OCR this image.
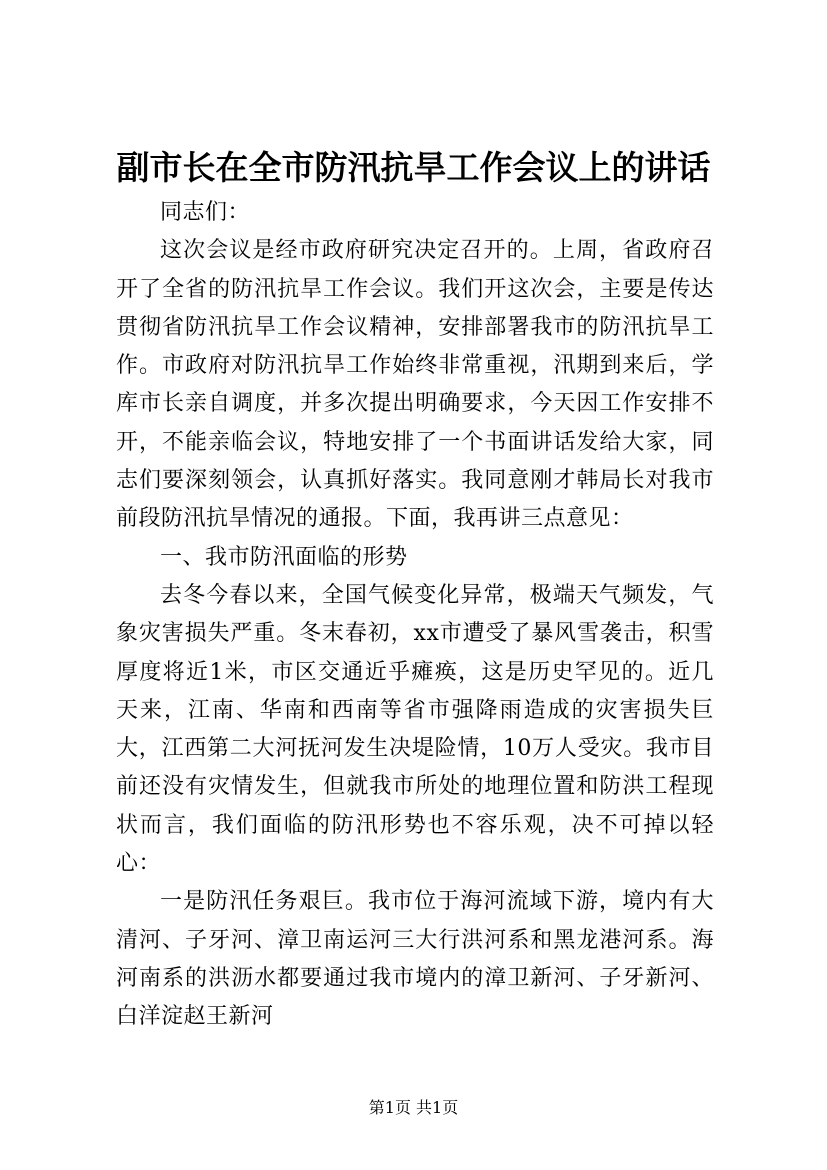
副市长在全市防汛抗旱工作会议上的讲话

同志们：

这次会议是经市政府研究决定召开的。上周，省政府召开了全省的防汛抗旱工作会议。我们开这次会，主要是传达贯彻省防汛抗旱工作会议精神，安排部署我市的防汛抗旱工作。市政府对防汛抗旱工作始终非常重视，汛期到来后，学库市长亲自调度，并多次提出明确要求，今天因工作安排不开，不能亲临会议，特地安排了一个书面讲话发给大家，同志们要深刻领会，认真抓好落实。我同意刚才韩局长对我市前段防汛抗旱情况的通报。下面，我再讲三点意见：

一、我市防汛面临的形势

去冬今春以来，全国气候变化异常，极端天气频发，气象灾害损失严重。冬末春初，xx市遭受了暴风雪袭击，积雪厚度将近1米，市区交通近乎瘫痪，这是历史罕见的。近几天来，江南、华南和西南等省市强降雨造成的灾害损失巨大，江西第二大河抚河发生决堤险情，10万人受灾。我市目前还没有灾情发生，但就我市所处的地理位置和防洪工程现状而言，我们面临的防汛形势也不容乐观，决不可掉以轻心：

一是防汛任务艰巨。我市位于海河流域下游，境内有大清河、子牙河、漳卫南运河三大行洪河系和黑龙港河系。海河南系的洪沥水都要通过我市境内的漳卫新河、子牙新河、白洋淀赵王新河

第1页 共1页
